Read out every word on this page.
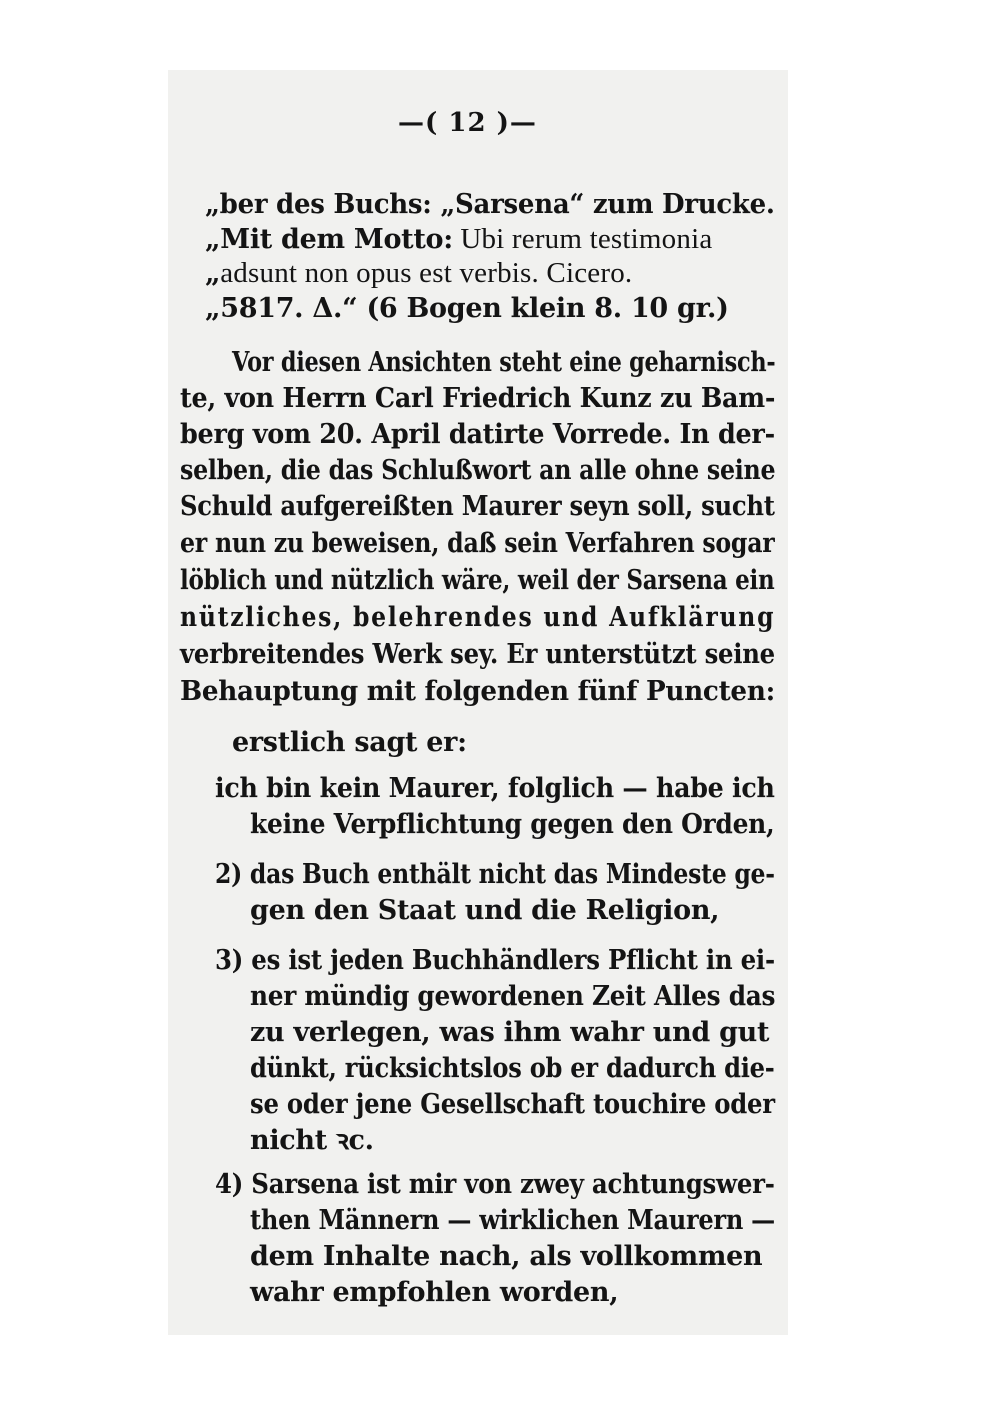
—( 12 )—
„ber des Buchs: „Sarsena“ zum Drucke.
„Mit dem Motto: Ubi rerum testimonia
„adsunt non opus est verbis. Cicero.
„5817. Δ.“ (6 Bogen klein 8. 10 gr.)
Vor diesen Ansichten steht eine geharnisch-
te, von Herrn Carl Friedrich Kunz zu Bam-
berg vom 20. April datirte Vorrede. In der-
selben, die das Schlußwort an alle ohne seine
Schuld aufgereißten Maurer seyn soll, sucht
er nun zu beweisen, daß sein Verfahren sogar
löblich und nützlich wäre, weil der Sarsena ein
nützliches, belehrendes und Aufklärung
verbreitendes Werk sey. Er unterstützt seine
Behauptung mit folgenden fünf Puncten:
erstlich sagt er:
ich bin kein Maurer, folglich — habe ich
keine Verpflichtung gegen den Orden,
2) das Buch enthält nicht das Mindeste ge-
gen den Staat und die Religion,
3) es ist jeden Buchhändlers Pflicht in ei-
ner mündig gewordenen Zeit Alles das
zu verlegen, was ihm wahr und gut
dünkt, rücksichtslos ob er dadurch die-
se oder jene Gesellschaft touchire oder
nicht ꝛc.
4) Sarsena ist mir von zwey achtungswer-
then Männern — wirklichen Maurern —
dem Inhalte nach, als vollkommen
wahr empfohlen worden,
